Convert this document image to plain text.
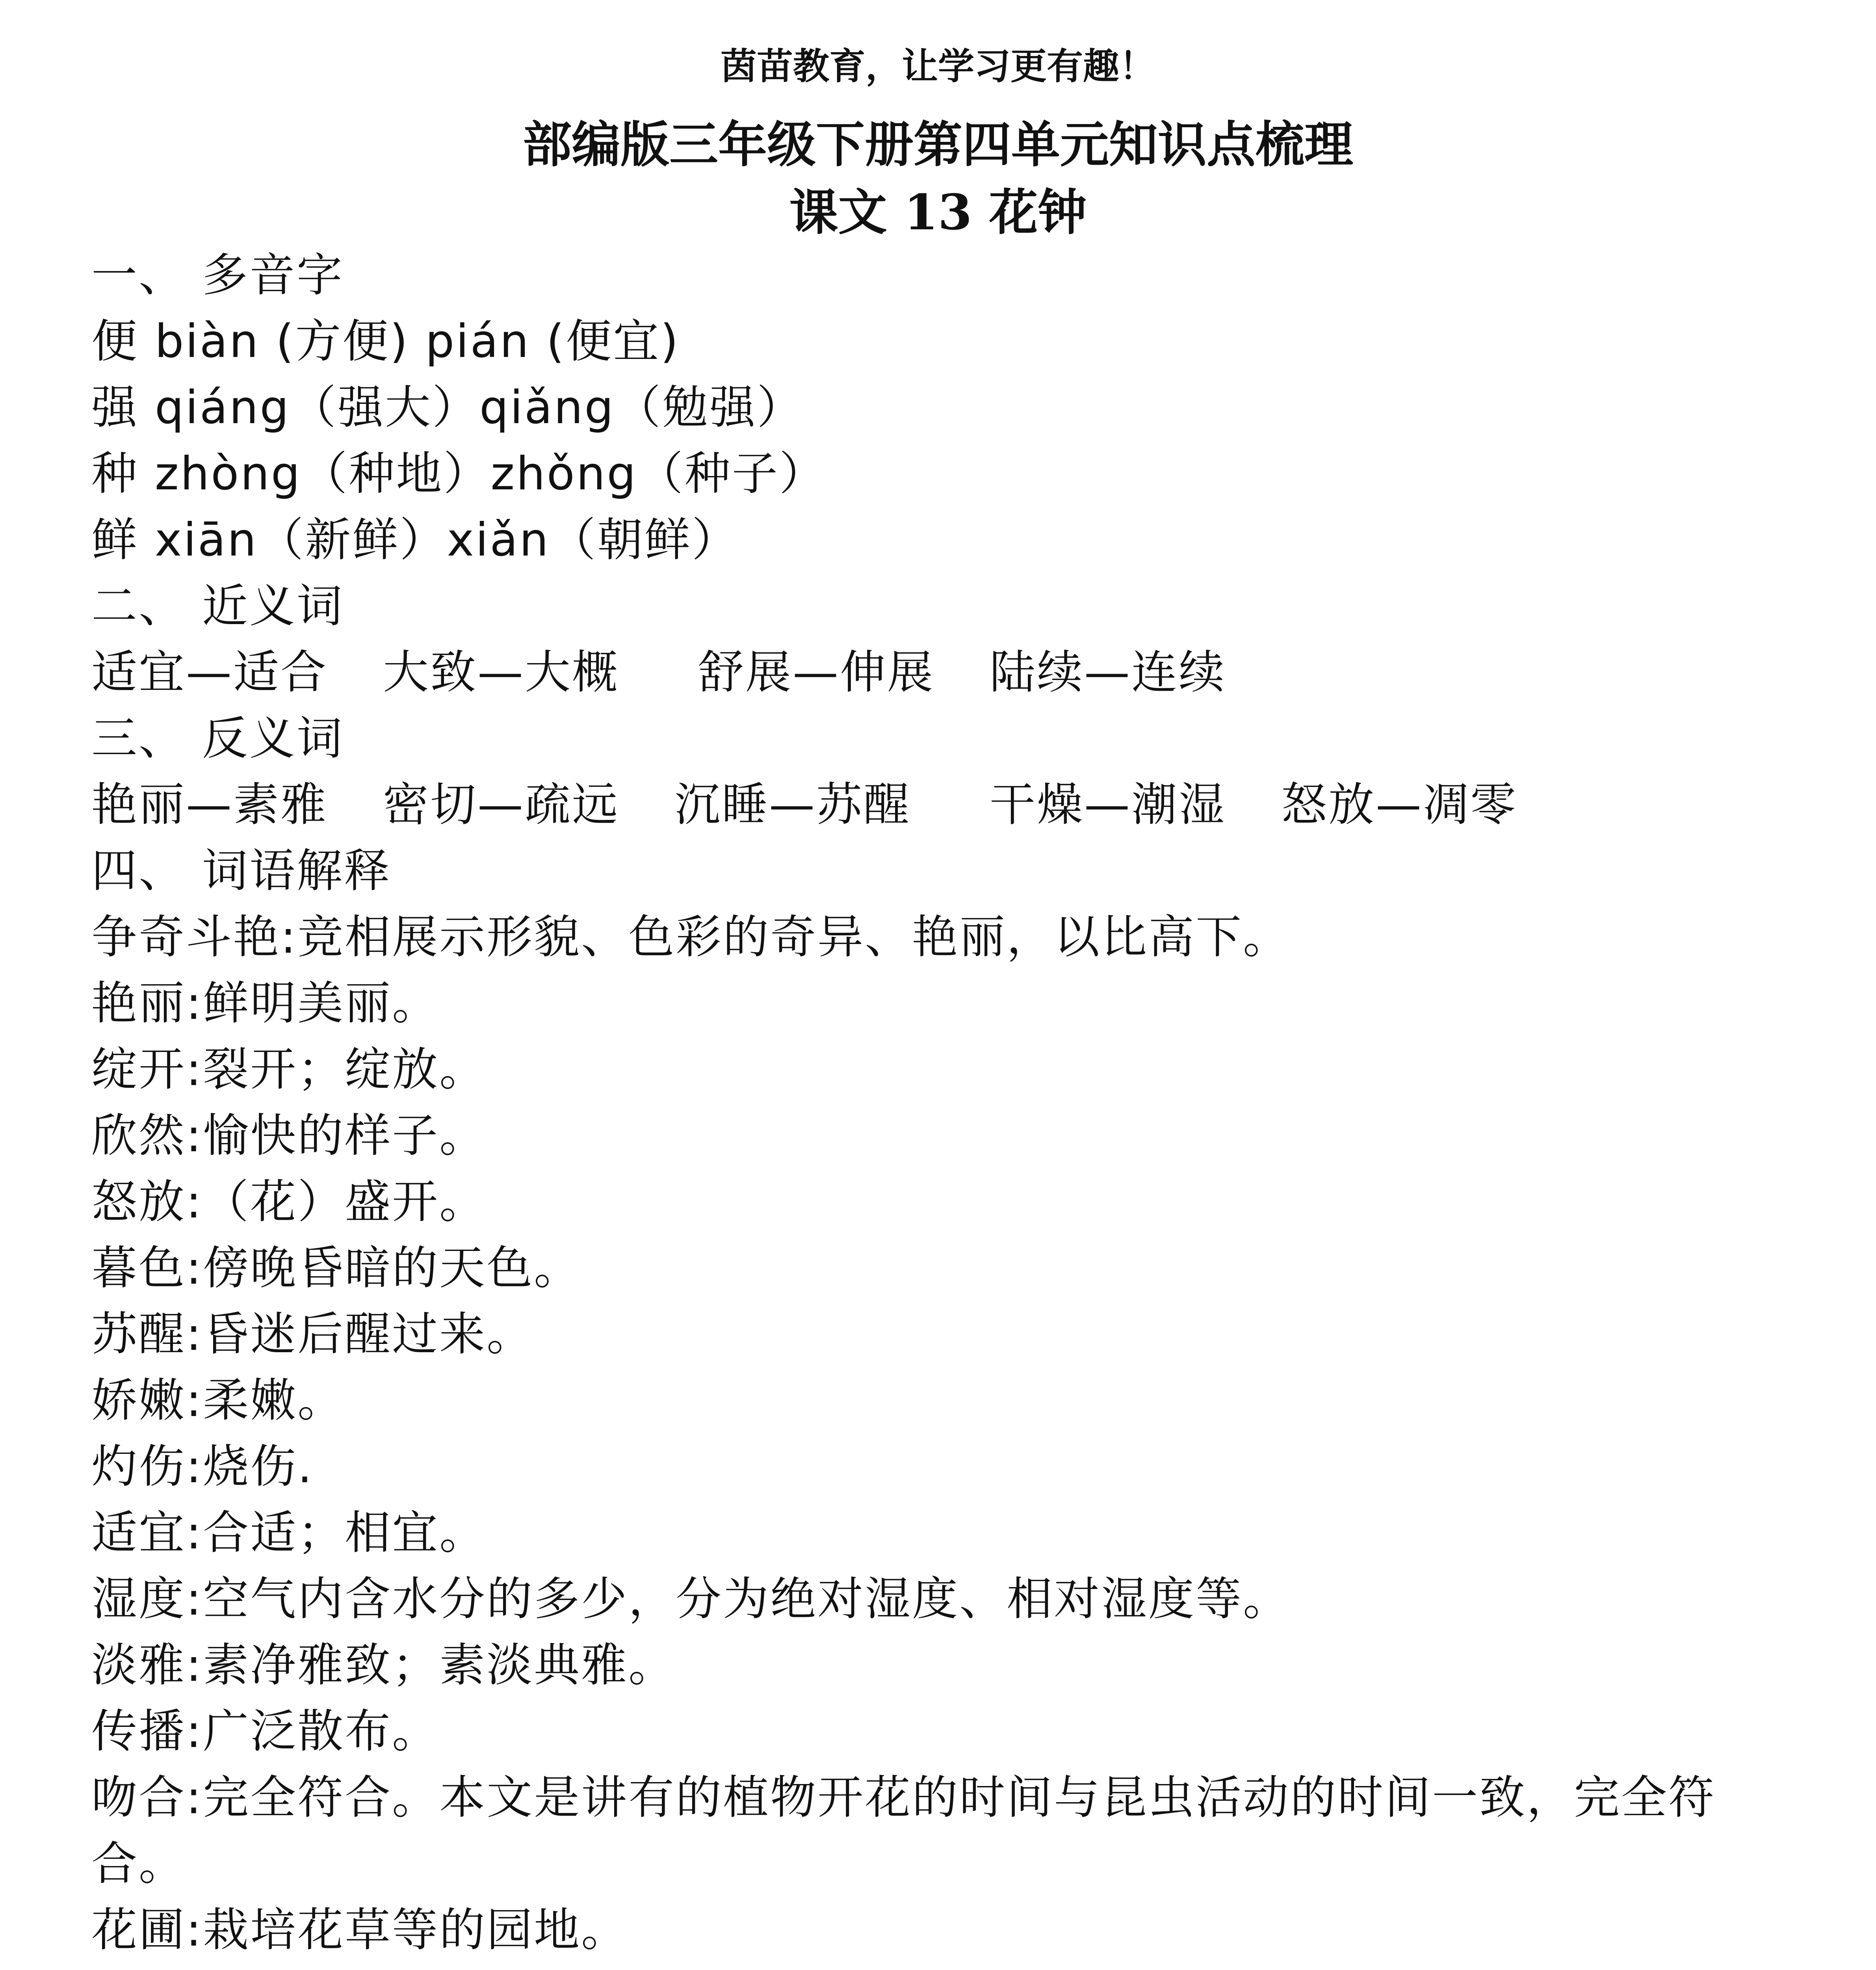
茵苗教育，让学习更有趣！
部编版三年级下册第四单元知识点梳理
课文 13 花钟
一、 多音字
便 biàn (方便) pián (便宜)
强 qiáng（强大）qiǎng（勉强）
种 zhòng（种地）zhǒng（种子）
鲜 xiān（新鲜）xiǎn（朝鲜）
二、 近义词
适宜—适合 大致—大概 舒展—伸展 陆续—连续
三、 反义词
艳丽—素雅 密切—疏远 沉睡—苏醒 干燥—潮湿 怒放—凋零
四、 词语解释
争奇斗艳:竞相展示形貌、色彩的奇异、艳丽，以比高下。
艳丽:鲜明美丽。
绽开:裂开；绽放。
欣然:愉快的样子。
怒放:（花）盛开。
暮色:傍晚昏暗的天色。
苏醒:昏迷后醒过来。
娇嫩:柔嫩。
灼伤:烧伤.
适宜:合适；相宜。
湿度:空气内含水分的多少，分为绝对湿度、相对湿度等。
淡雅:素净雅致；素淡典雅。
传播:广泛散布。
吻合:完全符合。本文是讲有的植物开花的时间与昆虫活动的时间一致，完全符合。
花圃:栽培花草等的园地。
